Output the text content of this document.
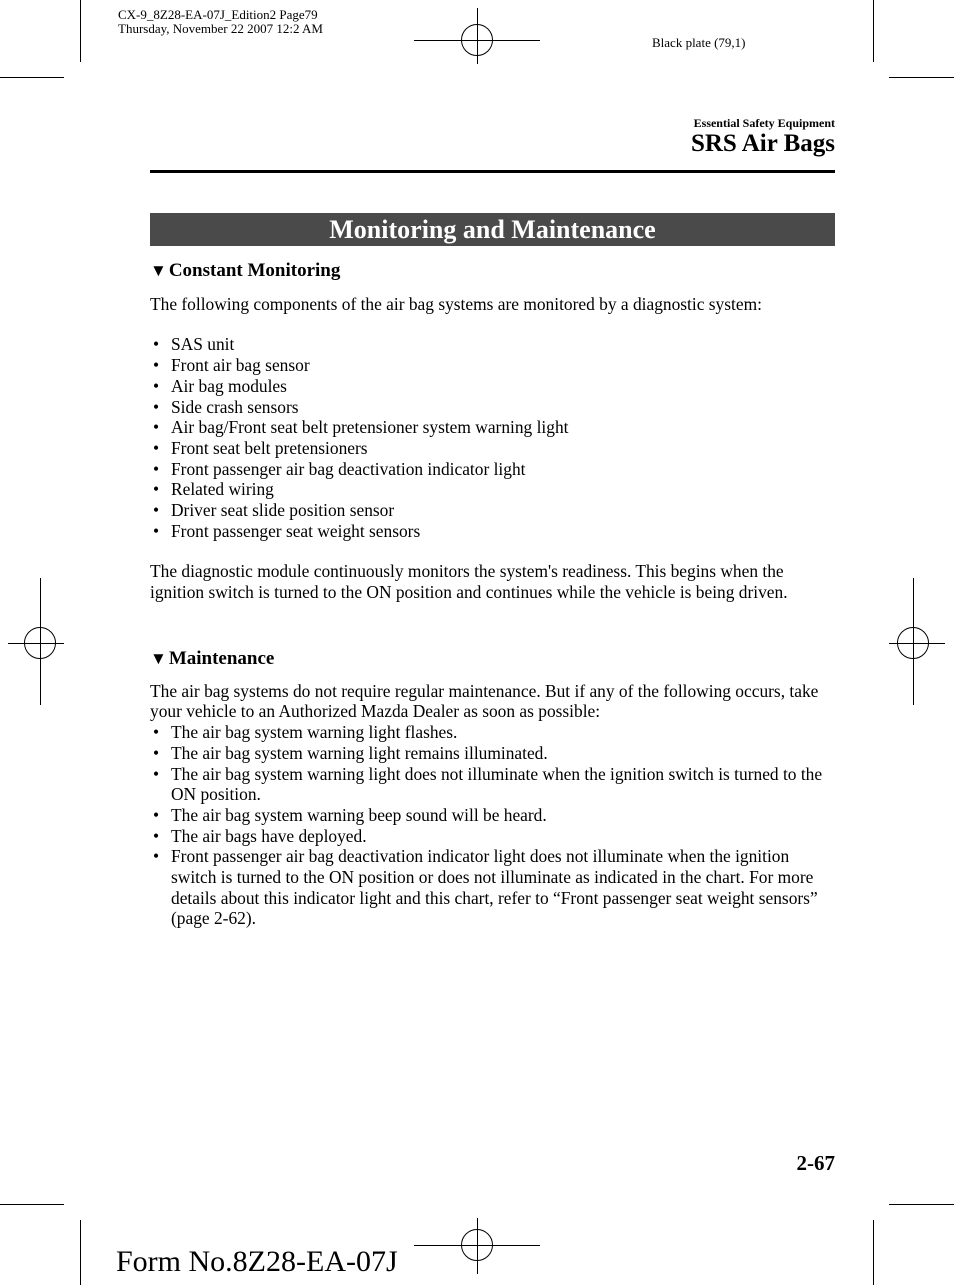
CX-9_8Z28-EA-07J_Edition2 Page79
Thursday, November 22 2007 12:2 AM
Black plate (79,1)
Essential Safety Equipment
SRS Air Bags
Monitoring and Maintenance
▼ Constant Monitoring

The following components of the air bag systems are monitored by a diagnostic system:

• SAS unit
• Front air bag sensor
• Air bag modules
• Side crash sensors
• Air bag/Front seat belt pretensioner system warning light
• Front seat belt pretensioners
• Front passenger air bag deactivation indicator light
• Related wiring
• Driver seat slide position sensor
• Front passenger seat weight sensors

The diagnostic module continuously monitors the system's readiness. This begins when the ignition switch is turned to the ON position and continues while the vehicle is being driven.

▼ Maintenance

The air bag systems do not require regular maintenance. But if any of the following occurs, take your vehicle to an Authorized Mazda Dealer as soon as possible:

• The air bag system warning light flashes.
• The air bag system warning light remains illuminated.
• The air bag system warning light does not illuminate when the ignition switch is turned to the ON position.
• The air bag system warning beep sound will be heard.
• The air bags have deployed.
• Front passenger air bag deactivation indicator light does not illuminate when the ignition switch is turned to the ON position or does not illuminate as indicated in the chart. For more details about this indicator light and this chart, refer to “Front passenger seat weight sensors” (page 2-62).
2-67
Form No.8Z28-EA-07J
